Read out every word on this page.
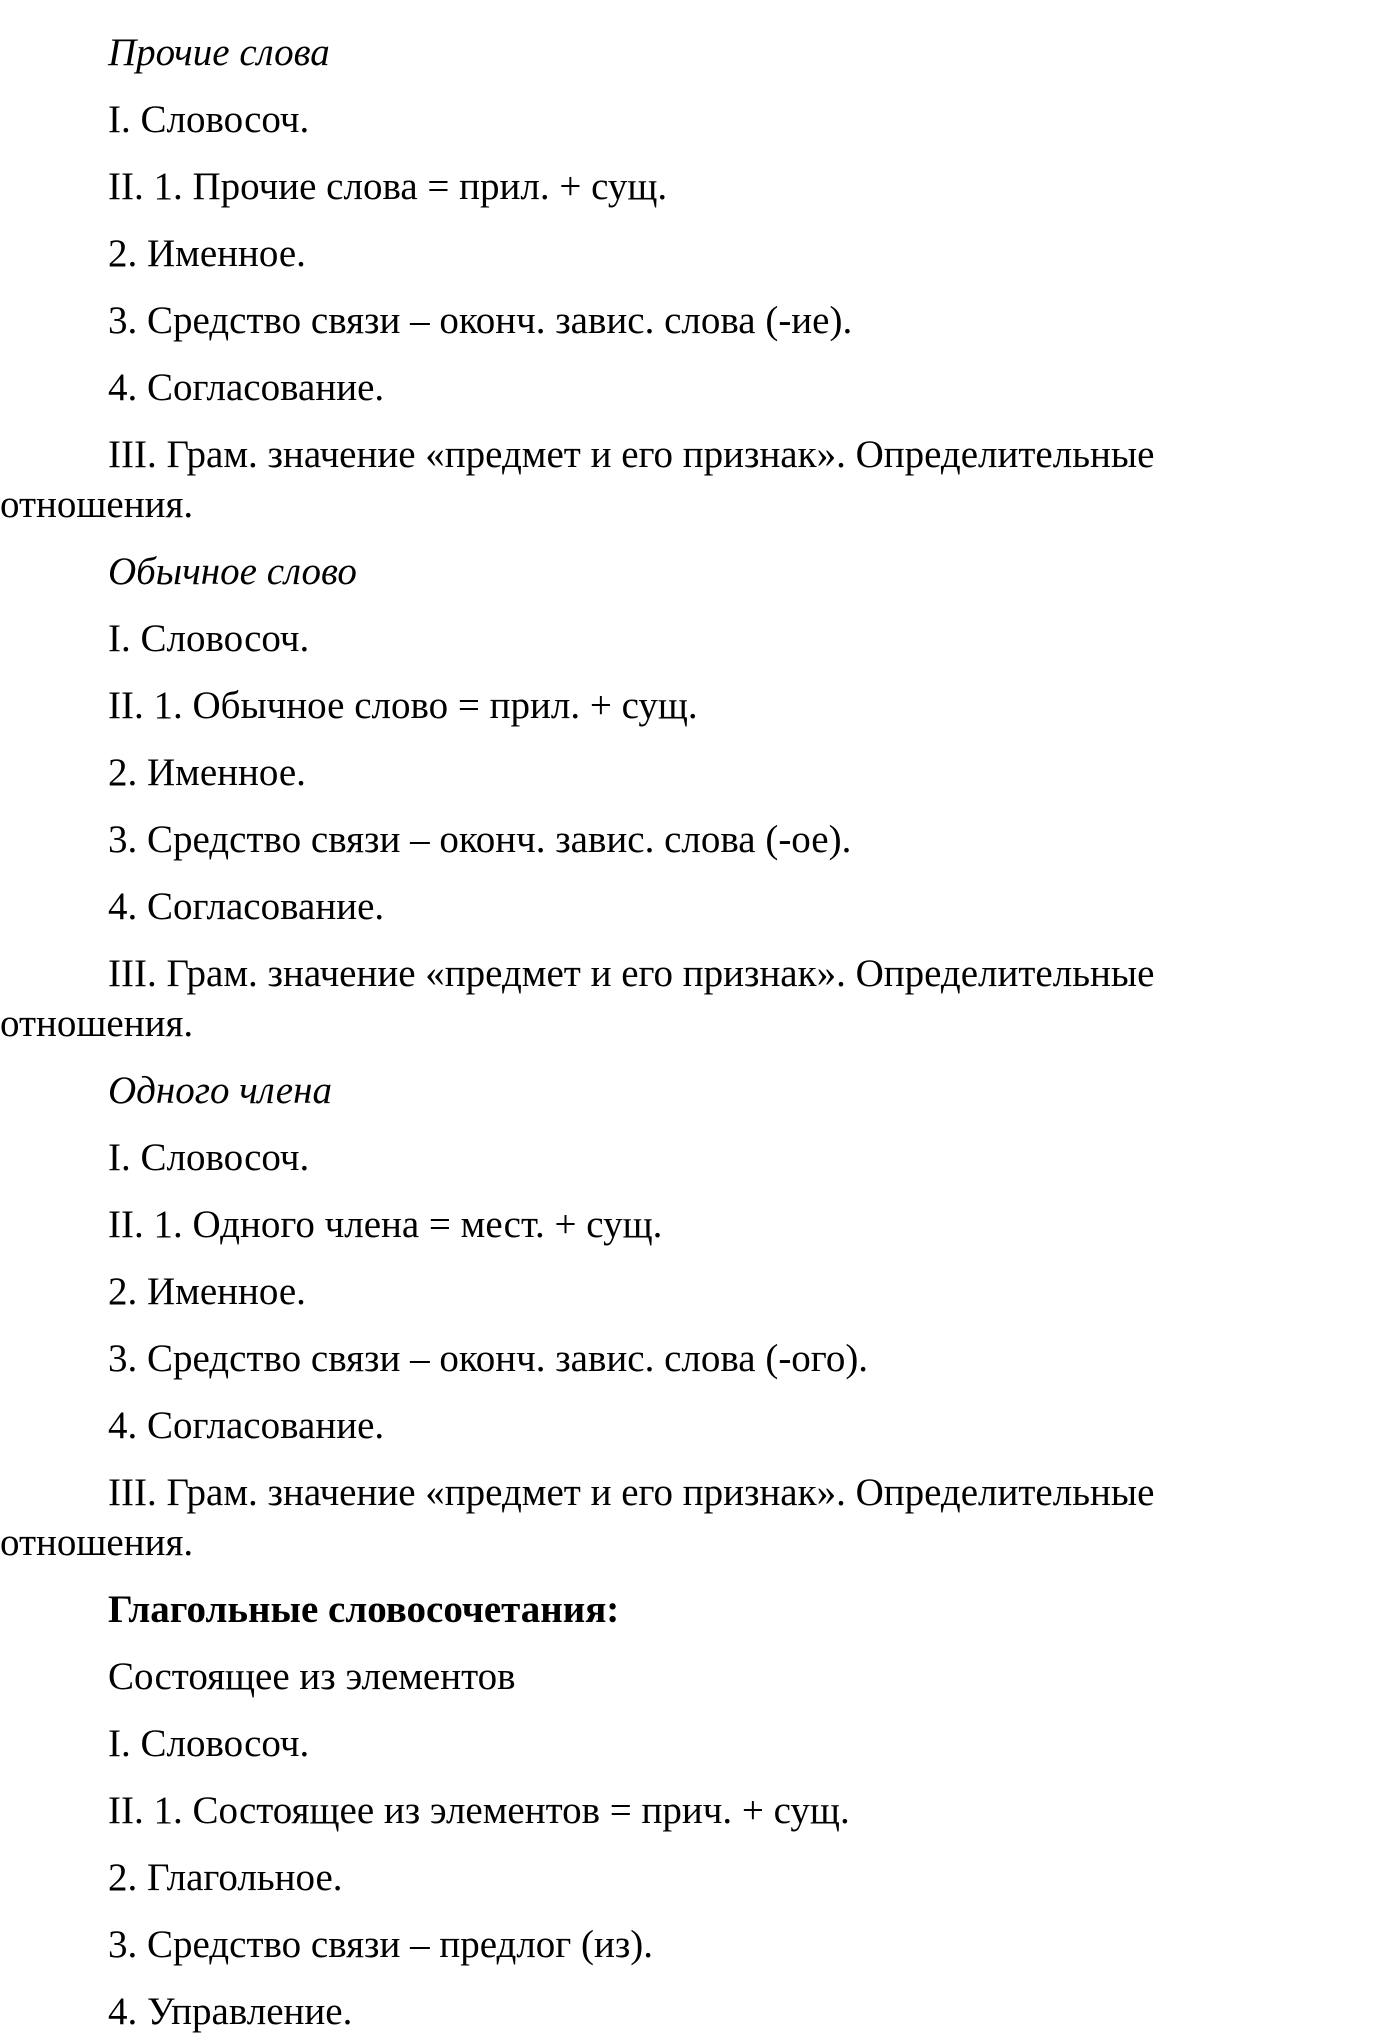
Прочие слова

I. Словосоч.

II. 1. Прочие слова = прил. + сущ.

2. Именное.

3. Средство связи – оконч. завис. слова (-ие).

4. Согласование.

III. Грам. значение «предмет и его признак». Определительные

отношения.

Обычное слово

I. Словосоч.

II. 1. Обычное слово = прил. + сущ.

2. Именное.

3. Средство связи – оконч. завис. слова (-ое).

4. Согласование.

III. Грам. значение «предмет и его признак». Определительные

отношения.

Одного члена

I. Словосоч.

II. 1. Одного члена = мест. + сущ.

2. Именное.

3. Средство связи – оконч. завис. слова (-ого).

4. Согласование.

III. Грам. значение «предмет и его признак». Определительные

отношения.

Глагольные словосочетания:

Состоящее из элементов

I. Словосоч.

II. 1. Состоящее из элементов = прич. + сущ.

2. Глагольное.

3. Средство связи – предлог (из).

4. Управление.
